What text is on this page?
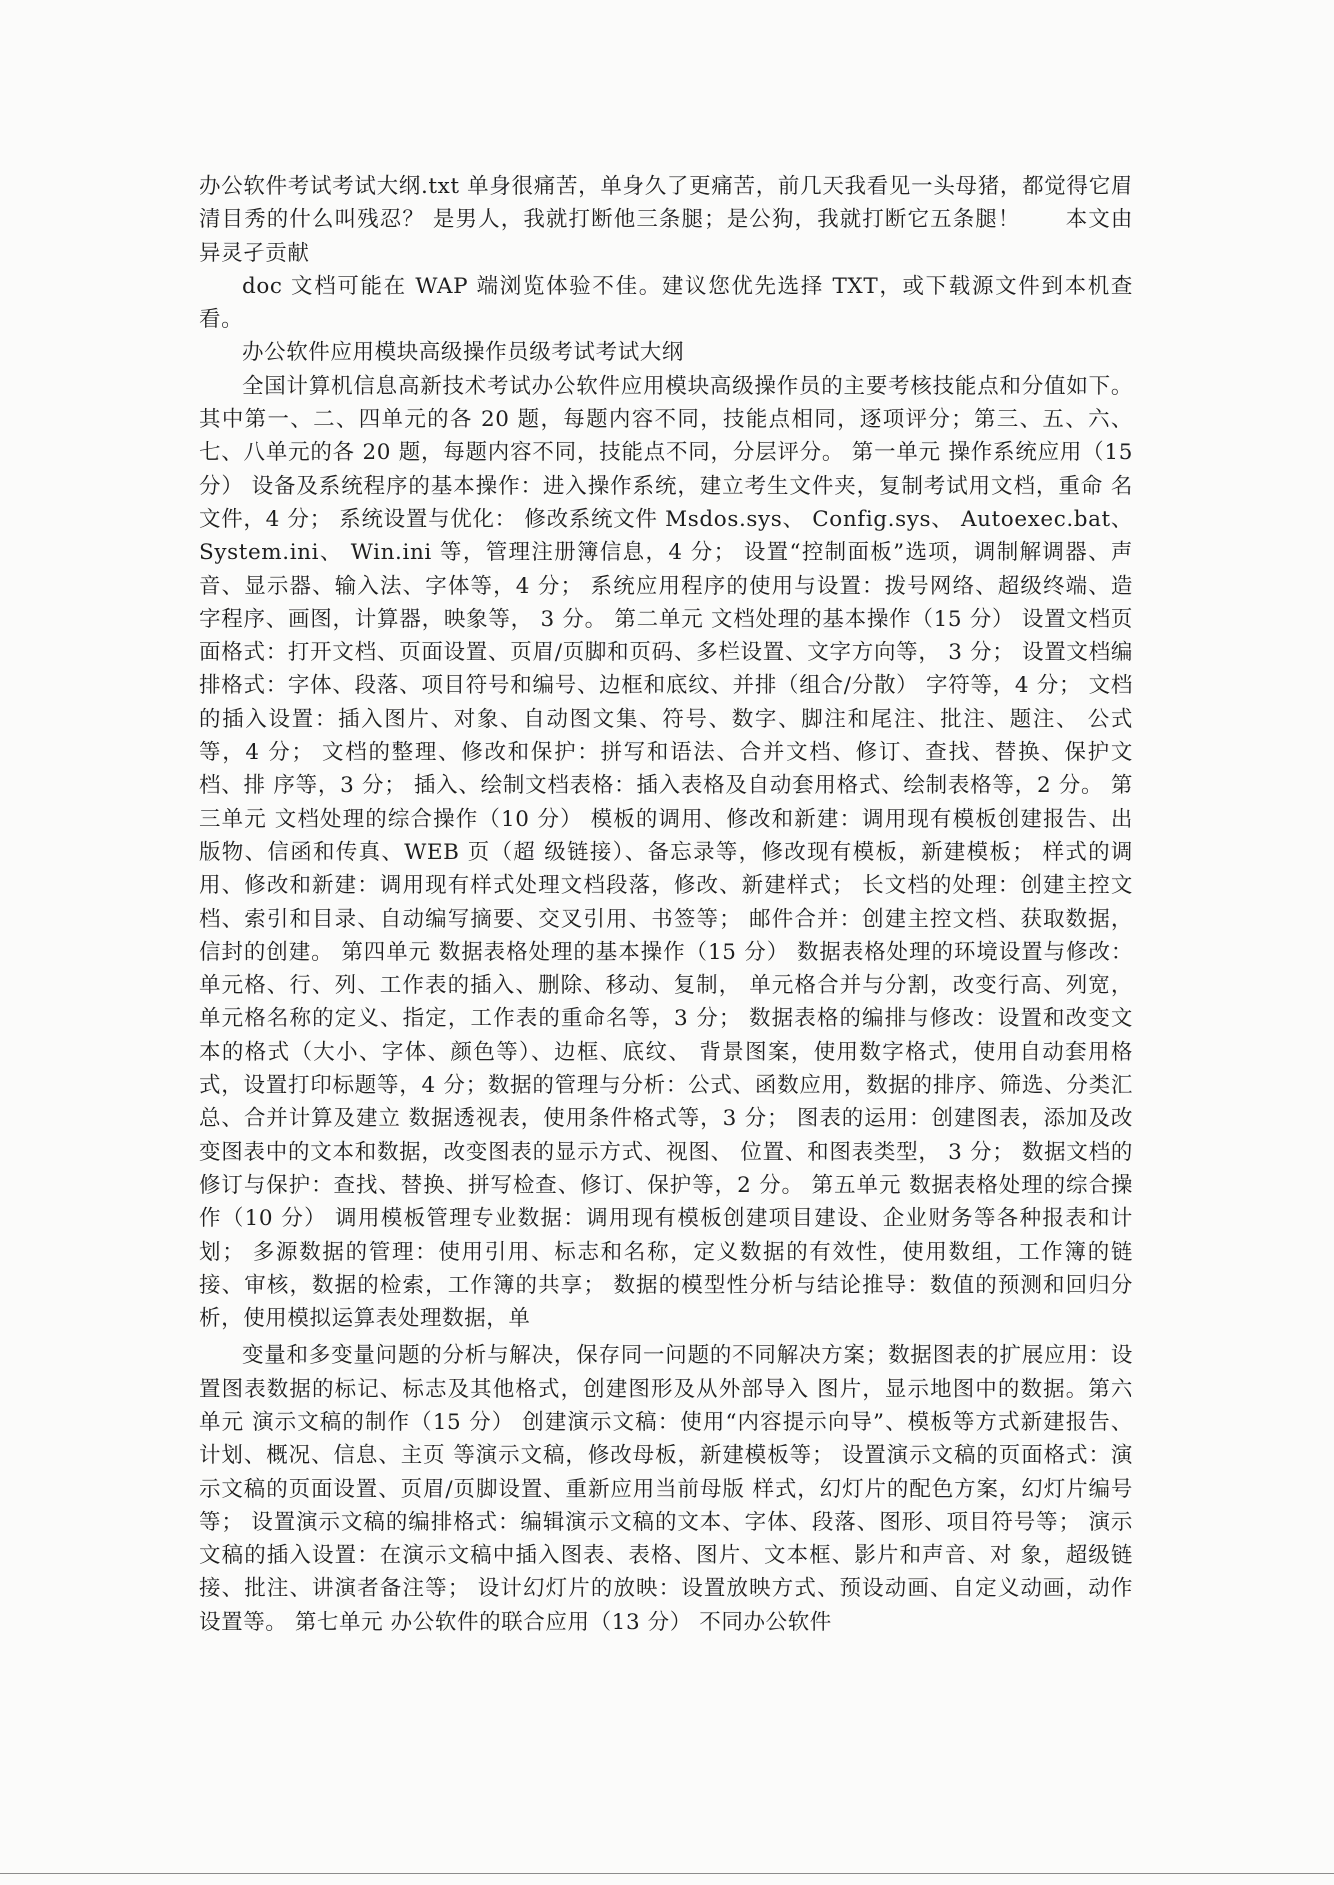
办公软件考试考试大纲.txt 单身很痛苦，单身久了更痛苦，前几天我看见一头母猪，都觉得它眉清目秀的什么叫残忍？ 是男人，我就打断他三条腿；是公狗，我就打断它五条腿！　　本文由异灵孑贡献

doc 文档可能在 WAP 端浏览体验不佳。建议您优先选择 TXT，或下载源文件到本机查看。

办公软件应用模块高级操作员级考试考试大纲

全国计算机信息高新技术考试办公软件应用模块高级操作员的主要考核技能点和分值如下。 其中第一、二、四单元的各 20 题，每题内容不同，技能点相同，逐项评分；第三、五、六、 七、八单元的各 20 题，每题内容不同，技能点不同，分层评分。 第一单元 操作系统应用（15 分） 设备及系统程序的基本操作：进入操作系统，建立考生文件夹，复制考试用文档，重命 名文件，4 分； 系统设置与优化： 修改系统文件 Msdos.sys、 Config.sys、 Autoexec.bat、 System.ini、 Win.ini 等，管理注册簿信息，4 分； 设置“控制面板”选项，调制解调器、声音、显示器、输入法、字体等，4 分； 系统应用程序的使用与设置：拨号网络、超级终端、造字程序、画图，计算器，映象等， 3 分。 第二单元 文档处理的基本操作（15 分） 设置文档页面格式：打开文档、页面设置、页眉/页脚和页码、多栏设置、文字方向等， 3 分； 设置文档编排格式：字体、段落、项目符号和编号、边框和底纹、并排（组合/分散） 字符等，4 分； 文档的插入设置：插入图片、对象、自动图文集、符号、数字、脚注和尾注、批注、题注、 公式等，4 分； 文档的整理、修改和保护：拼写和语法、合并文档、修订、查找、替换、保护文档、排 序等，3 分； 插入、绘制文档表格：插入表格及自动套用格式、绘制表格等，2 分。 第三单元 文档处理的综合操作（10 分） 模板的调用、修改和新建：调用现有模板创建报告、出版物、信函和传真、WEB 页（超 级链接）、备忘录等，修改现有模板，新建模板； 样式的调用、修改和新建：调用现有样式处理文档段落，修改、新建样式； 长文档的处理：创建主控文档、索引和目录、自动编写摘要、交叉引用、书签等； 邮件合并：创建主控文档、获取数据，信封的创建。 第四单元 数据表格处理的基本操作（15 分） 数据表格处理的环境设置与修改：单元格、行、列、工作表的插入、删除、移动、复制， 单元格合并与分割，改变行高、列宽，单元格名称的定义、指定，工作表的重命名等，3 分； 数据表格的编排与修改：设置和改变文本的格式（大小、字体、颜色等）、边框、底纹、 背景图案，使用数字格式，使用自动套用格式，设置打印标题等，4 分；数据的管理与分析：公式、函数应用，数据的排序、筛选、分类汇总、合并计算及建立 数据透视表，使用条件格式等，3 分； 图表的运用：创建图表，添加及改变图表中的文本和数据，改变图表的显示方式、视图、 位置、和图表类型， 3 分； 数据文档的修订与保护：查找、替换、拼写检查、修订、保护等，2 分。 第五单元 数据表格处理的综合操作（10 分） 调用模板管理专业数据：调用现有模板创建项目建设、企业财务等各种报表和计划； 多源数据的管理：使用引用、标志和名称，定义数据的有效性，使用数组，工作簿的链 接、审核，数据的检索，工作簿的共享； 数据的模型性分析与结论推导：数值的预测和回归分析，使用模拟运算表处理数据，单

变量和多变量问题的分析与解决，保存同一问题的不同解决方案；数据图表的扩展应用：设置图表数据的标记、标志及其他格式，创建图形及从外部导入 图片，显示地图中的数据。第六单元 演示文稿的制作（15 分） 创建演示文稿：使用“内容提示向导”、模板等方式新建报告、计划、概况、信息、主页 等演示文稿，修改母板，新建模板等； 设置演示文稿的页面格式：演示文稿的页面设置、页眉/页脚设置、重新应用当前母版 样式，幻灯片的配色方案，幻灯片编号等； 设置演示文稿的编排格式：编辑演示文稿的文本、字体、段落、图形、项目符号等； 演示文稿的插入设置：在演示文稿中插入图表、表格、图片、文本框、影片和声音、对 象，超级链接、批注、讲演者备注等； 设计幻灯片的放映：设置放映方式、预设动画、自定义动画，动作设置等。 第七单元 办公软件的联合应用（13 分） 不同办公软件
